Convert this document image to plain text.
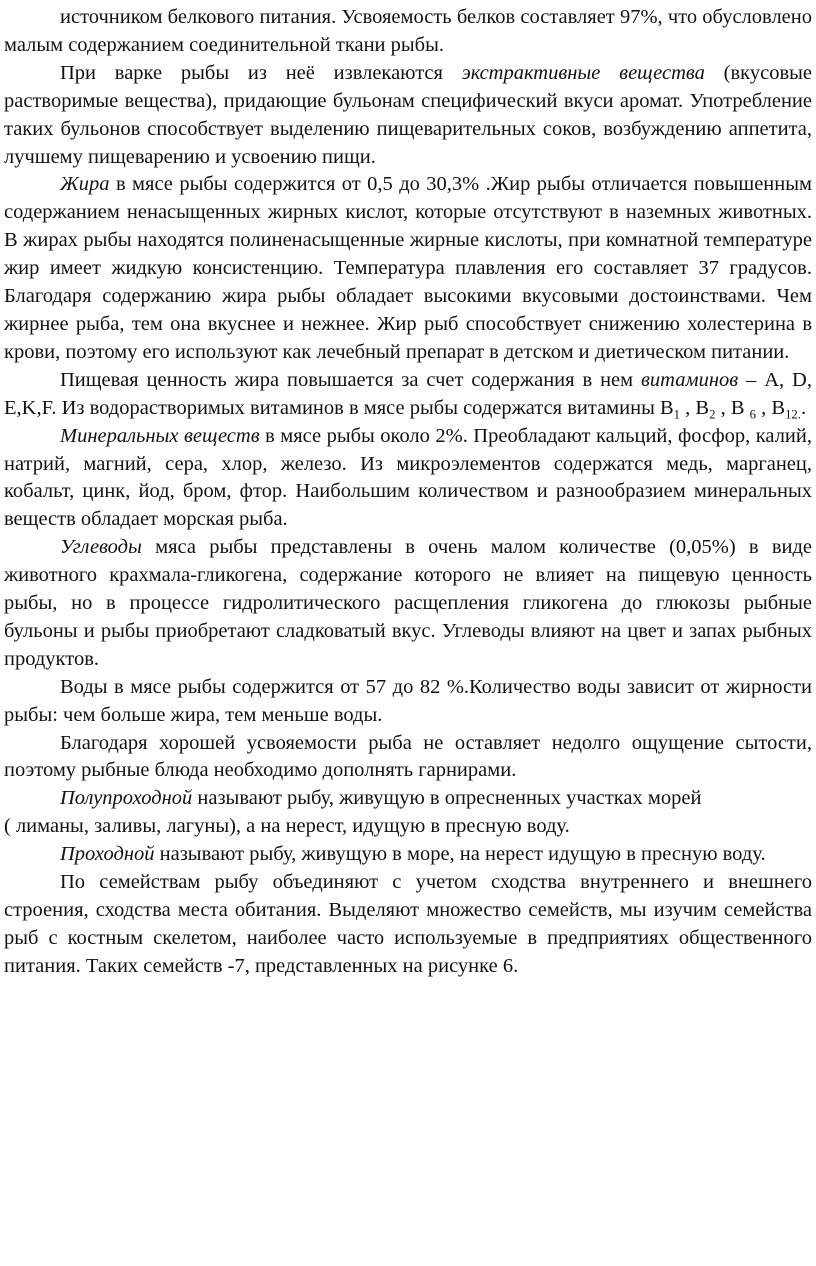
источником белкового питания. Усвояемость белков составляет 97%, что обусловлено малым содержанием соединительной ткани рыбы.

При варке рыбы из неё извлекаются экстрактивные вещества (вкусовые растворимые вещества), придающие бульонам специфический вкуси аромат. Употребление таких бульонов способствует выделению пищеварительных соков, возбуждению аппетита, лучшему пищеварению и усвоению пищи.

Жира в мясе рыбы содержится от 0,5 до 30,3% .Жир рыбы отличается повышенным содержанием ненасыщенных жирных кислот, которые отсутствуют в наземных животных. В жирах рыбы находятся полиненасыщенные жирные кислоты, при комнатной температуре жир имеет жидкую консистенцию. Температура плавления его составляет 37 градусов. Благодаря содержанию жира рыбы обладает высокими вкусовыми достоинствами. Чем жирнее рыба, тем она вкуснее и нежнее. Жир рыб способствует снижению холестерина в крови, поэтому его используют как лечебный препарат в детском и диетическом питании.

Пищевая ценность жира повышается за счет содержания в нем витаминов – А, D, Е,K,F. Из водорастворимых витаминов в мясе рыбы содержатся витамины $В_1$ , $В_2$ , В $_6$ , $В_{12.}$.

Минеральных веществ в мясе рыбы около 2%. Преобладают кальций, фосфор, калий, натрий, магний, сера, хлор, железо. Из микроэлементов содержатся медь, марганец, кобальт, цинк, йод, бром, фтор. Наибольшим количеством и разнообразием минеральных веществ обладает морская рыба.

Углеводы мяса рыбы представлены в очень малом количестве (0,05%) в виде животного крахмала-гликогена, содержание которого не влияет на пищевую ценность рыбы, но в процессе гидролитического расщепления гликогена до глюкозы рыбные бульоны и рыбы приобретают сладковатый вкус. Углеводы влияют на цвет и запах рыбных продуктов.

Воды в мясе рыбы содержится от 57 до 82 %.Количество воды зависит от жирности рыбы: чем больше жира, тем меньше воды.

Благодаря хорошей усвояемости рыба не оставляет недолго ощущение сытости, поэтому рыбные блюда необходимо дополнять гарнирами.

Полупроходной называют рыбу, живущую в опресненных участках морей

( лиманы, заливы, лагуны), а на нерест, идущую в пресную воду.

Проходной называют рыбу, живущую в море, на нерест идущую в пресную воду.

По семействам рыбу объединяют с учетом сходства внутреннего и внешнего строения, сходства места обитания. Выделяют множество семейств, мы изучим семейства рыб с костным скелетом, наиболее часто используемые в предприятиях общественного питания. Таких семейств -7, представленных на рисунке 6.
